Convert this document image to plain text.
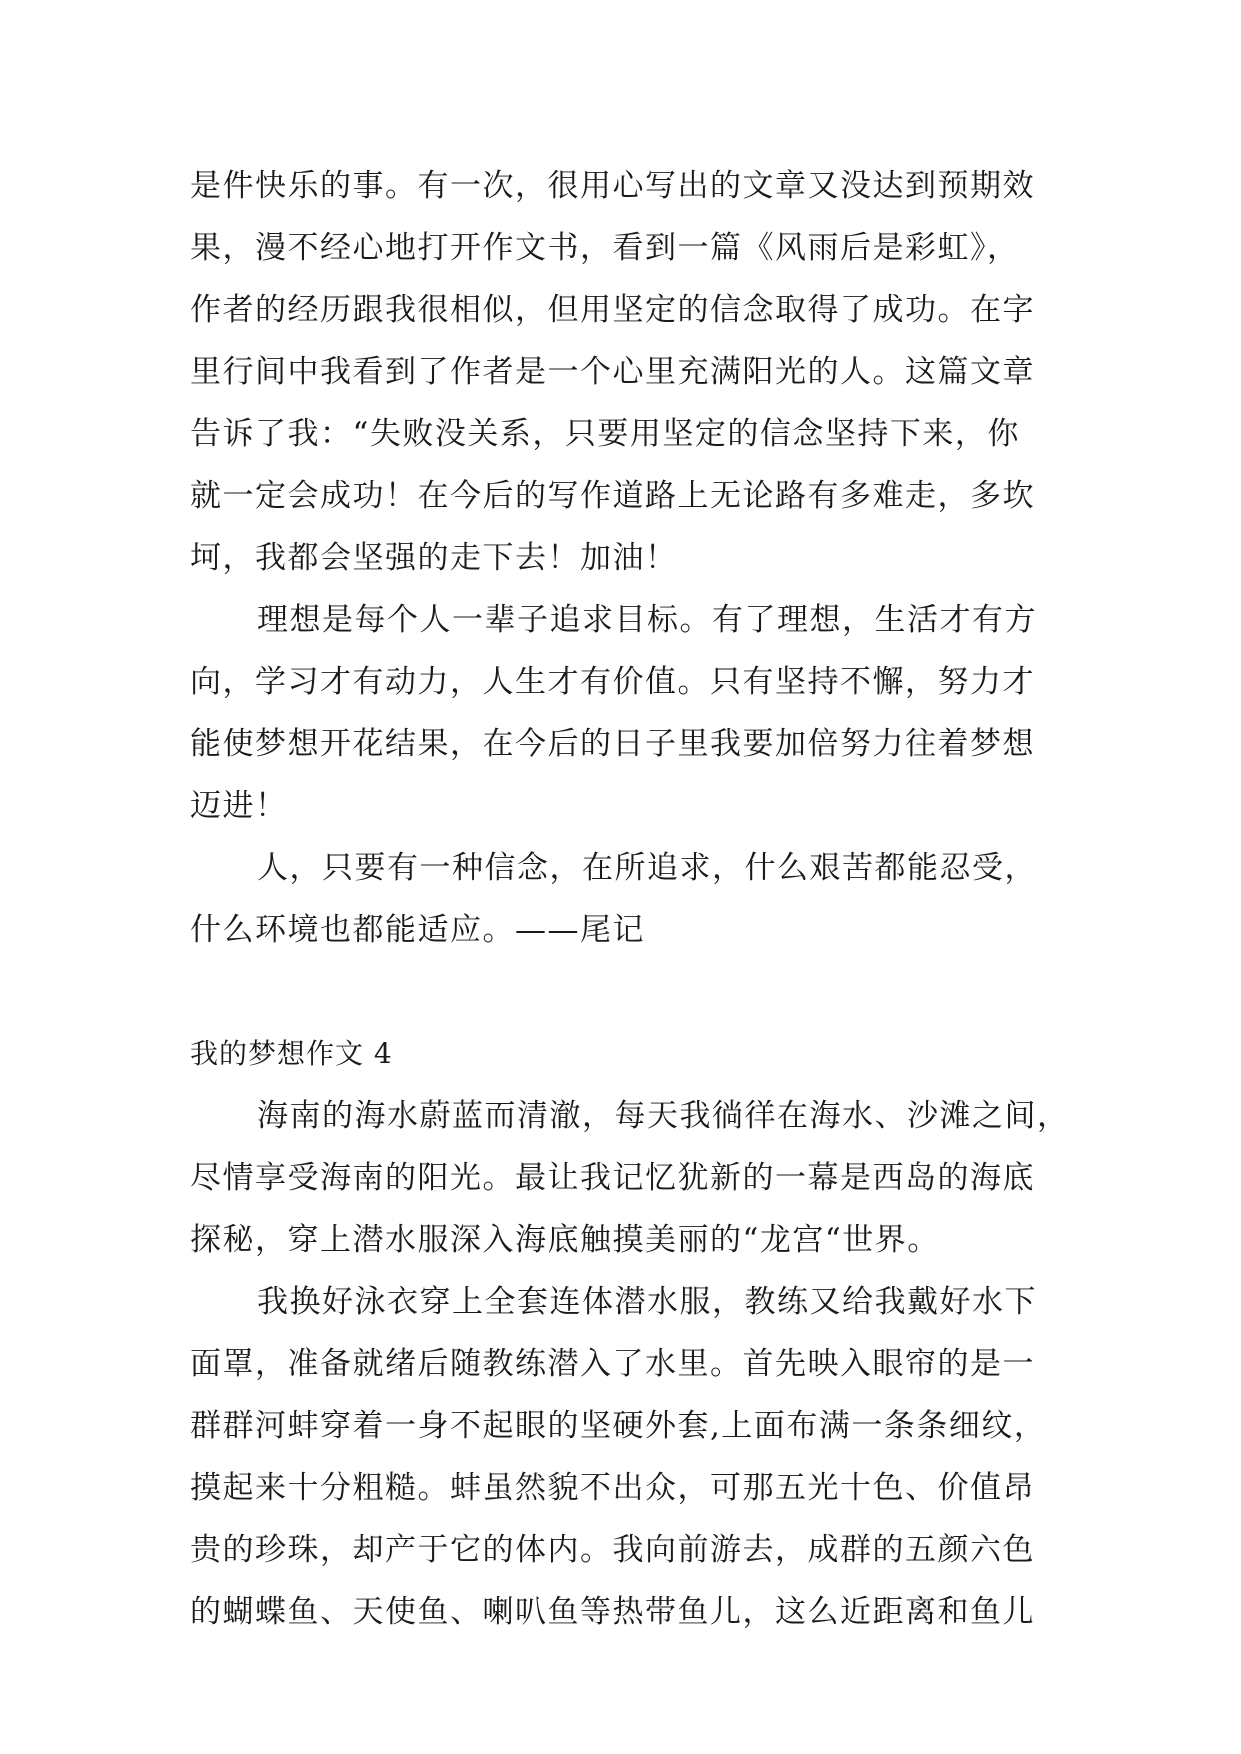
是件快乐的事。有一次，很用心写出的文章又没达到预期效
果，漫不经心地打开作文书，看到一篇《风雨后是彩虹》，
作者的经历跟我很相似，但用坚定的信念取得了成功。在字
里行间中我看到了作者是一个心里充满阳光的人。这篇文章
告诉了我：“失败没关系，只要用坚定的信念坚持下来，你
就一定会成功！在今后的写作道路上无论路有多难走，多坎
坷，我都会坚强的走下去！加油！
理想是每个人一辈子追求目标。有了理想，生活才有方
向，学习才有动力，人生才有价值。只有坚持不懈，努力才
能使梦想开花结果，在今后的日子里我要加倍努力往着梦想
迈进！
人，只要有一种信念，在所追求，什么艰苦都能忍受，
什么环境也都能适应。——尾记
我的梦想作文 4
海南的海水蔚蓝而清澈，每天我徜徉在海水、沙滩之间，
尽情享受海南的阳光。最让我记忆犹新的一幕是西岛的海底
探秘，穿上潜水服深入海底触摸美丽的“龙宫“世界。
我换好泳衣穿上全套连体潜水服，教练又给我戴好水下
面罩，准备就绪后随教练潜入了水里。首先映入眼帘的是一
群群河蚌穿着一身不起眼的坚硬外套,上面布满一条条细纹，
摸起来十分粗糙。蚌虽然貌不出众，可那五光十色、价值昂
贵的珍珠，却产于它的体内。我向前游去，成群的五颜六色
的蝴蝶鱼、天使鱼、喇叭鱼等热带鱼儿，这么近距离和鱼儿
